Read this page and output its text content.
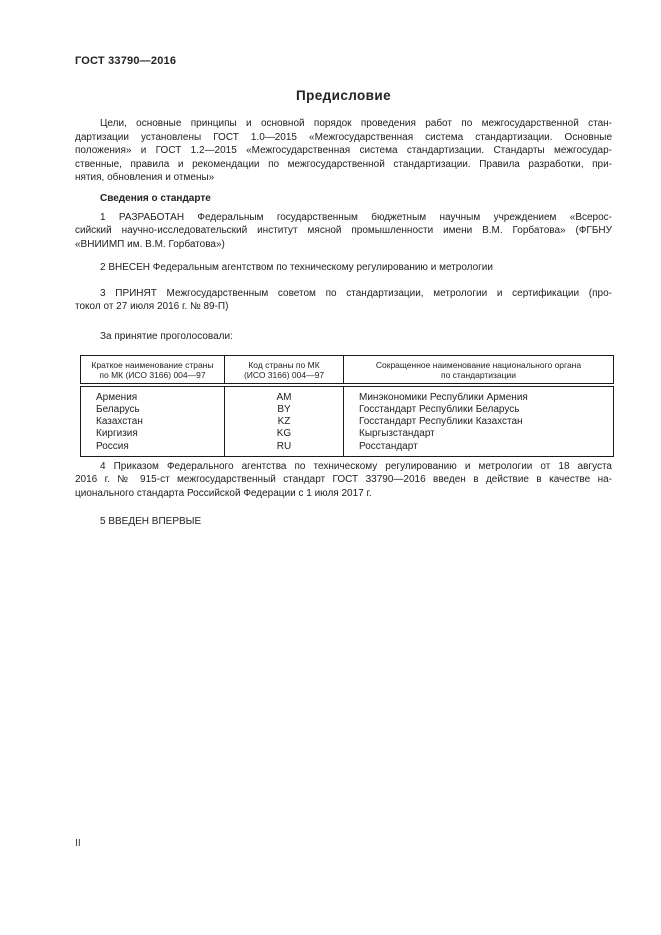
ГОСТ 33790—2016
Предисловие
Цели, основные принципы и основной порядок проведения работ по межгосударственной стан-
дартизации установлены ГОСТ 1.0—2015 «Межгосударственная система стандартизации. Основные
положения» и ГОСТ 1.2—2015 «Межгосударственная система стандартизации. Стандарты межгосудар-
ственные, правила и рекомендации по межгосударственной стандартизации. Правила разработки, при-
нятия, обновления и отмены»
Сведения о стандарте
1 РАЗРАБОТАН Федеральным государственным бюджетным научным учреждением «Всерос-
сийский научно-исследовательский институт мясной промышленности имени В.М. Горбатова» (ФГБНУ
«ВНИИМП им. В.М. Горбатова»)
2 ВНЕСЕН Федеральным агентством по техническому регулированию и метрологии
3 ПРИНЯТ Межгосударственным советом по стандартизации, метрологии и сертификации (про-
токол от 27 июля 2016 г. № 89-П)
За принятие проголосовали:
Краткое наименование страны
по МК (ИСО 3166) 004—97

Код страны по МК
(ИСО 3166) 004—97

Сокращенное наименование национального органа
по стандартизации

Армения	AM	Минэкономики Республики Армения
Беларусь	BY	Госстандарт Республики Беларусь
Казахстан	KZ	Госстандарт Республики Казахстан
Киргизия	KG	Кыргызстандарт
Россия	RU	Росстандарт
4 Приказом Федерального агентства по техническому регулированию и метрологии от 18 августа
2016 г. № 915-ст межгосударственный стандарт ГОСТ 33790—2016 введен в действие в качестве на-
ционального стандарта Российской Федерации с 1 июля 2017 г.
5 ВВЕДЕН ВПЕРВЫЕ
II
